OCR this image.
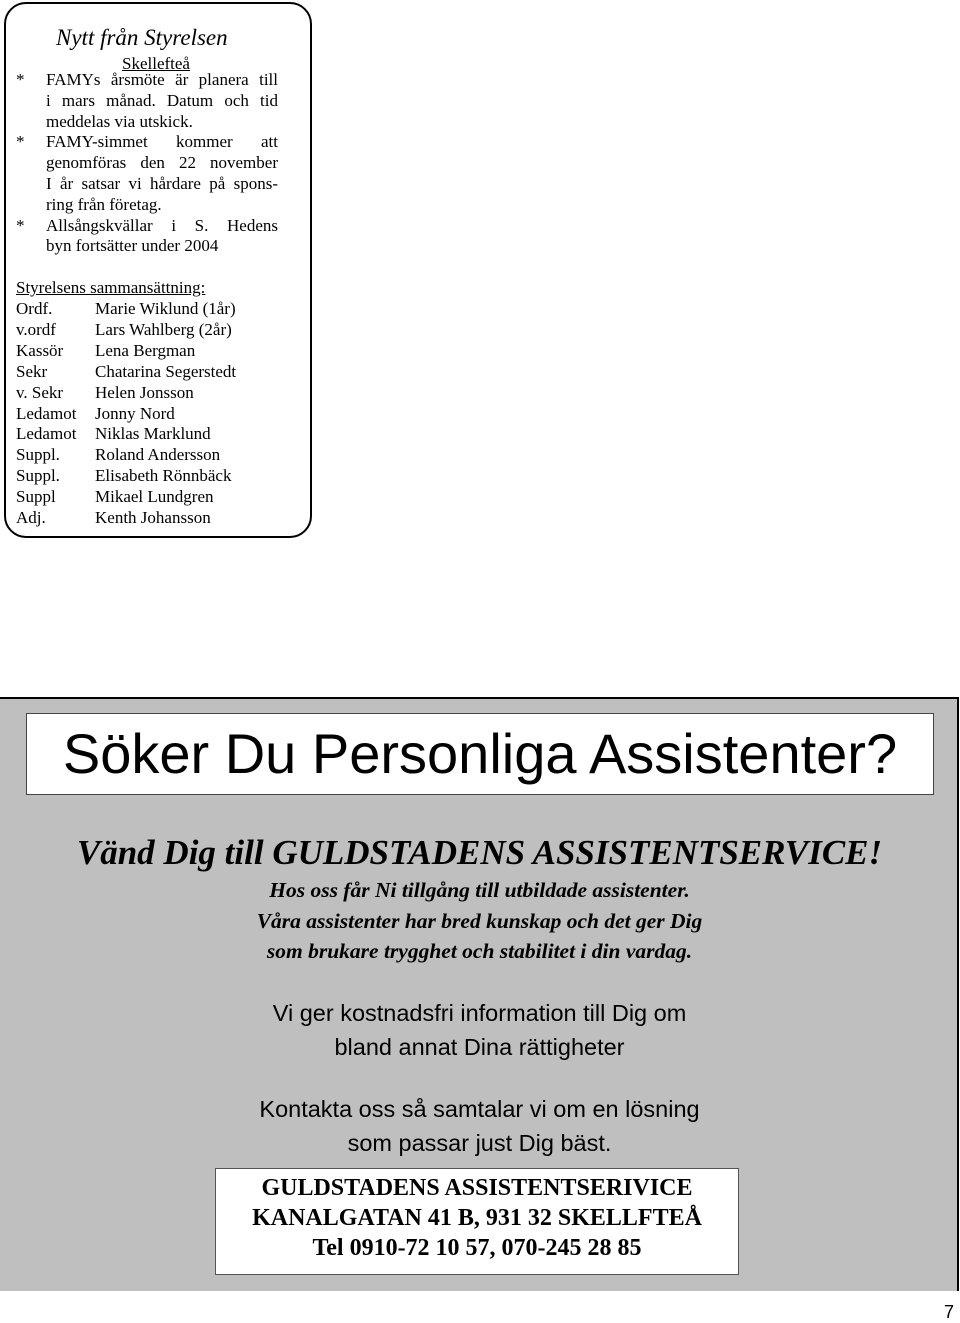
Nytt från Styrelsen
Skellefteå
* FAMYs årsmöte är planera till
i mars månad. Datum och tid
meddelas via utskick.
* FAMY-simmet kommer att
genomföras den 22 november
I år satsar vi hårdare på spons-
ring från företag.
* Allsångskvällar i S. Hedens
byn fortsätter under 2004
Styrelsens sammansättning:
Ordf.	Marie Wiklund (1år)
v.ordf	Lars Wahlberg (2år)
Kassör	Lena Bergman
Sekr	Chatarina Segerstedt
v. Sekr	Helen Jonsson
Ledamot	Jonny Nord
Ledamot	Niklas Marklund
Suppl.	Roland Andersson
Suppl.	Elisabeth Rönnbäck
Suppl	Mikael Lundgren
Adj.	Kenth Johansson
Söker Du Personliga Assistenter?
Vänd Dig till GULDSTADENS ASSISTENTSERVICE!
Hos oss får Ni tillgång till utbildade assistenter.
Våra assistenter har bred kunskap och det ger Dig
som brukare trygghet och stabilitet i din vardag.
Vi ger kostnadsfri information till Dig om
bland annat Dina rättigheter
Kontakta oss så samtalar vi om en lösning
som passar just Dig bäst.
GULDSTADENS ASSISTENTSERIVICE
KANALGATAN 41 B, 931 32 SKELLFTEÅ
Tel 0910-72 10 57, 070-245 28 85
7
